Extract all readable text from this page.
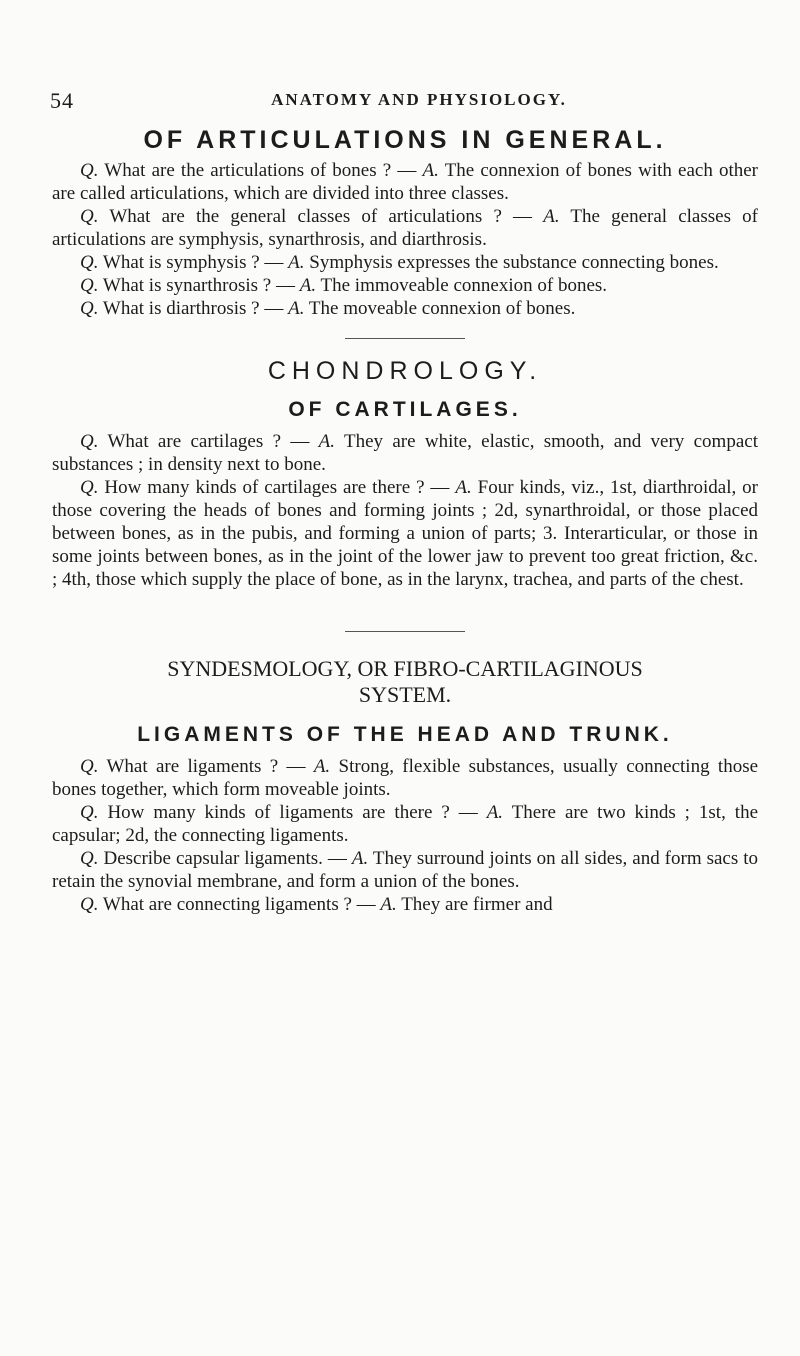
54	ANATOMY AND PHYSIOLOGY.
OF ARTICULATIONS IN GENERAL.

Q. What are the articulations of bones ? — A. The connexion of bones with each other are called articulations, which are divided into three classes.

Q. What are the general classes of articulations ? — A. The general classes of articulations are symphysis, synarthrosis, and diarthrosis.

Q. What is symphysis ? — A. Symphysis expresses the substance connecting bones.

Q. What is synarthrosis ? — A. The immoveable connexion of bones.

Q. What is diarthrosis ? — A. The moveable connexion of bones.

CHONDROLOGY.
OF CARTILAGES.

Q. What are cartilages ? — A. They are white, elastic, smooth, and very compact substances ; in density next to bone.

Q. How many kinds of cartilages are there ? — A. Four kinds, viz., 1st, diarthroidal, or those covering the heads of bones and forming joints ; 2d, synarthroidal, or those placed between bones, as in the pubis, and forming a union of parts; 3. Interarticular, or those in some joints between bones, as in the joint of the lower jaw to prevent too great friction, &c. ; 4th, those which supply the place of bone, as in the larynx, trachea, and parts of the chest.

SYNDESMOLOGY, OR FIBRO-CARTILAGINOUS
SYSTEM.
LIGAMENTS OF THE HEAD AND TRUNK.

Q. What are ligaments ? — A. Strong, flexible substances, usually connecting those bones together, which form moveable joints.

Q. How many kinds of ligaments are there ? — A. There are two kinds ; 1st, the capsular; 2d, the connecting ligaments.

Q. Describe capsular ligaments. — A. They surround joints on all sides, and form sacs to retain the synovial membrane, and form a union of the bones.

Q. What are connecting ligaments ? — A. They are firmer and
